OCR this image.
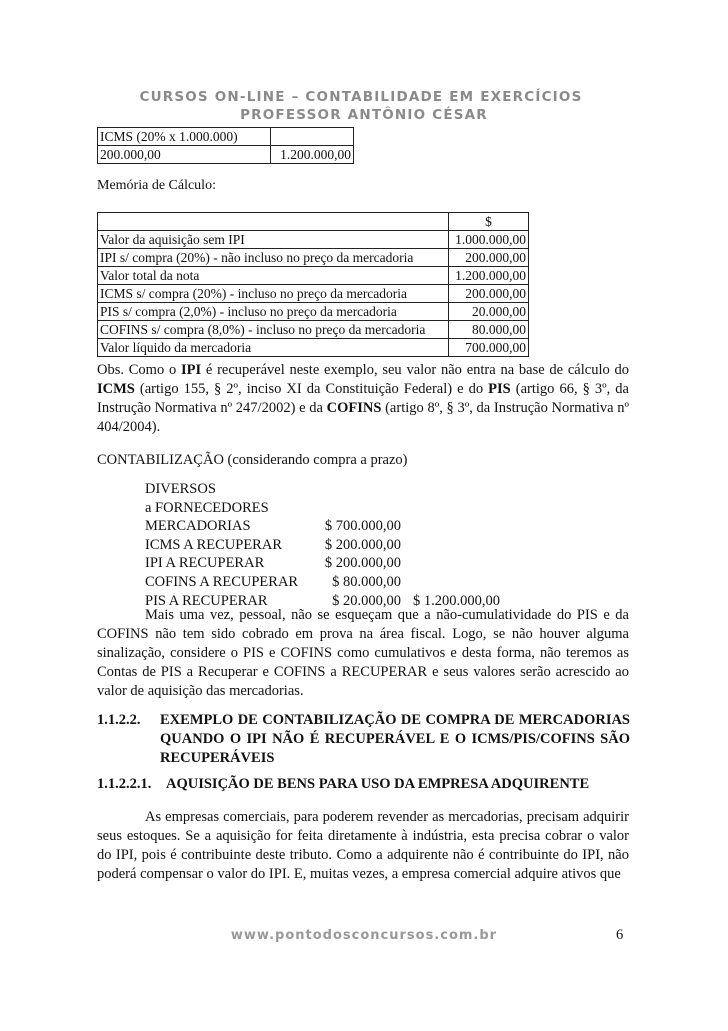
CURSOS ON-LINE – CONTABILIDADE EM EXERCÍCIOS
PROFESSOR ANTÔNIO CÉSAR
ICMS (20% x 1.000.000)	
200.000,00	1.200.000,00
Memória de Cálculo:
	$
Valor da aquisição sem IPI	1.000.000,00
IPI s/ compra (20%) - não incluso no preço da mercadoria	200.000,00
Valor total da nota	1.200.000,00
ICMS s/ compra (20%) - incluso no preço da mercadoria	200.000,00
PIS s/ compra (2,0%) - incluso no preço da mercadoria	20.000,00
COFINS s/ compra (8,0%) - incluso no preço da mercadoria	80.000,00
Valor líquido da mercadoria	700.000,00
Obs. Como o IPI é recuperável neste exemplo, seu valor não entra na base de cálculo do ICMS (artigo 155, § 2º, inciso XI da Constituição Federal) e do PIS (artigo 66, § 3º, da Instrução Normativa nº 247/2002) e da COFINS (artigo 8º, § 3º, da Instrução Normativa nº 404/2004).
CONTABILIZAÇÃO (considerando compra a prazo)
DIVERSOS
a FORNECEDORES
MERCADORIAS	$ 700.000,00
ICMS A RECUPERAR	$ 200.000,00
IPI A RECUPERAR	$ 200.000,00
COFINS A RECUPERAR	$ 80.000,00
PIS A RECUPERAR	$ 20.000,00 $ 1.200.000,00
Mais uma vez, pessoal, não se esqueçam que a não-cumulatividade do PIS e da COFINS não tem sido cobrado em prova na área fiscal. Logo, se não houver alguma sinalização, considere o PIS e COFINS como cumulativos e desta forma, não teremos as Contas de PIS a Recuperar e COFINS a RECUPERAR e seus valores serão acrescido ao valor de aquisição das mercadorias.
1.1.2.2. EXEMPLO DE CONTABILIZAÇÃO DE COMPRA DE MERCADORIAS QUANDO O IPI NÃO É RECUPERÁVEL E O ICMS/PIS/COFINS SÃO RECUPERÁVEIS
1.1.2.2.1. AQUISIÇÃO DE BENS PARA USO DA EMPRESA ADQUIRENTE
As empresas comerciais, para poderem revender as mercadorias, precisam adquirir seus estoques. Se a aquisição for feita diretamente à indústria, esta precisa cobrar o valor do IPI, pois é contribuinte deste tributo. Como a adquirente não é contribuinte do IPI, não poderá compensar o valor do IPI. E, muitas vezes, a empresa comercial adquire ativos que
www.pontodosconcursos.com.br	6
